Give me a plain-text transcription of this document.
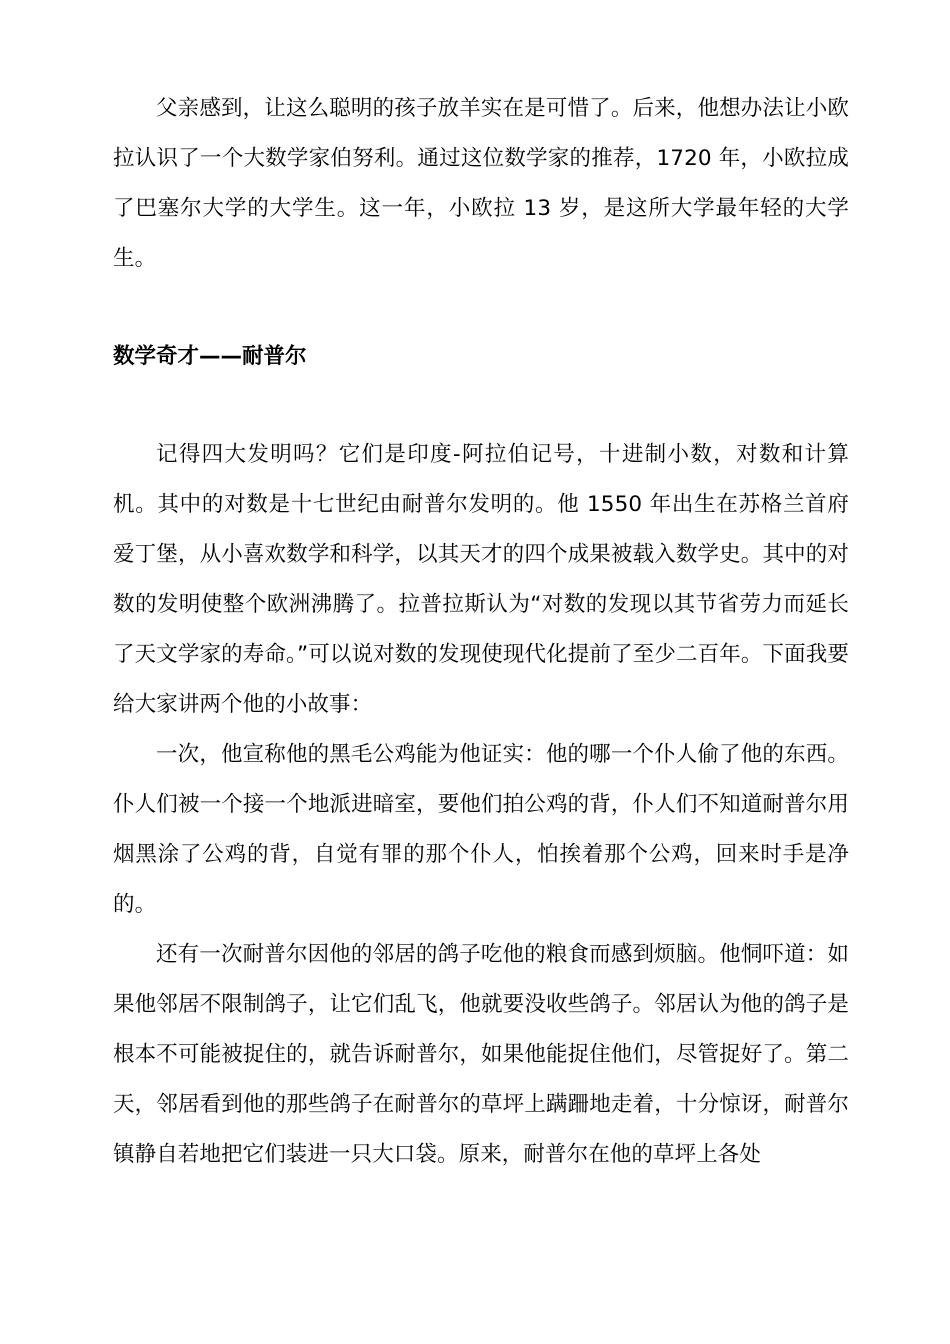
父亲感到，让这么聪明的孩子放羊实在是可惜了。后来，他想办法让小欧拉认识了一个大数学家伯努利。通过这位数学家的推荐，1720 年，小欧拉成了巴塞尔大学的大学生。这一年，小欧拉 13 岁，是这所大学最年轻的大学生。

数学奇才——耐普尔

记得四大发明吗？它们是印度-阿拉伯记号，十进制小数，对数和计算机。其中的对数是十七世纪由耐普尔发明的。他 1550 年出生在苏格兰首府爱丁堡，从小喜欢数学和科学，以其天才的四个成果被载入数学史。其中的对数的发明使整个欧洲沸腾了。拉普拉斯认为“对数的发现以其节省劳力而延长了天文学家的寿命。”可以说对数的发现使现代化提前了至少二百年。下面我要给大家讲两个他的小故事：

一次，他宣称他的黑毛公鸡能为他证实：他的哪一个仆人偷了他的东西。仆人们被一个接一个地派进暗室，要他们拍公鸡的背，仆人们不知道耐普尔用烟黑涂了公鸡的背，自觉有罪的那个仆人，怕挨着那个公鸡，回来时手是净的。

还有一次耐普尔因他的邻居的鸽子吃他的粮食而感到烦脑。他恫吓道：如果他邻居不限制鸽子，让它们乱飞，他就要没收些鸽子。邻居认为他的鸽子是根本不可能被捉住的，就告诉耐普尔，如果他能捉住他们，尽管捉好了。第二天，邻居看到他的那些鸽子在耐普尔的草坪上蹒跚地走着，十分惊讶，耐普尔镇静自若地把它们装进一只大口袋。原来，耐普尔在他的草坪上各处
